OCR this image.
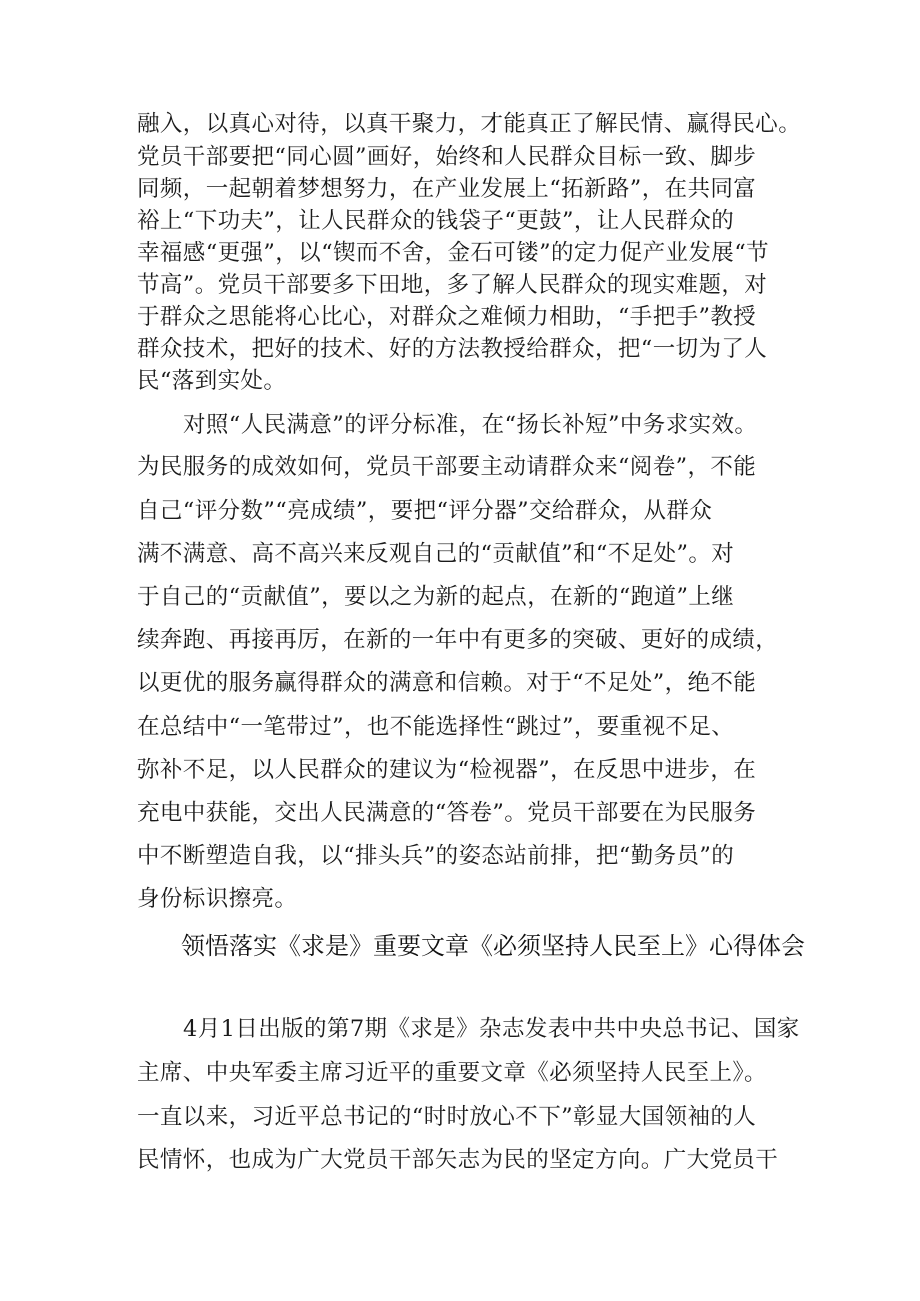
融入，以真心对待，以真干聚力，才能真正了解民情、赢得民心。
党员干部要把“同心圆”画好，始终和人民群众目标一致、脚步
同频，一起朝着梦想努力，在产业发展上“拓新路”，在共同富
裕上“下功夫”，让人民群众的钱袋子“更鼓”，让人民群众的
幸福感“更强”，以“锲而不舍，金石可镂”的定力促产业发展“节
节高”。党员干部要多下田地，多了解人民群众的现实难题，对
于群众之思能将心比心，对群众之难倾力相助，“手把手”教授
群众技术，把好的技术、好的方法教授给群众，把“一切为了人
民“落到实处。
对照“人民满意”的评分标准，在“扬长补短”中务求实效。
为民服务的成效如何，党员干部要主动请群众来“阅卷”，不能
自己“评分数”“亮成绩”，要把“评分器”交给群众，从群众
满不满意、高不高兴来反观自己的“贡献值”和“不足处”。对
于自己的“贡献值”，要以之为新的起点，在新的“跑道”上继
续奔跑、再接再厉，在新的一年中有更多的突破、更好的成绩，
以更优的服务赢得群众的满意和信赖。对于“不足处”，绝不能
在总结中“一笔带过”，也不能选择性“跳过”，要重视不足、
弥补不足，以人民群众的建议为“检视器”，在反思中进步，在
充电中获能，交出人民满意的“答卷”。党员干部要在为民服务
中不断塑造自我，以“排头兵”的姿态站前排，把“勤务员”的
身份标识擦亮。
领悟落实《求是》重要文章《必须坚持人民至上》心得体会
4月1日出版的第7期《求是》杂志发表中共中央总书记、国家
主席、中央军委主席习近平的重要文章《必须坚持人民至上》。
一直以来，习近平总书记的“时时放心不下”彰显大国领袖的人
民情怀，也成为广大党员干部矢志为民的坚定方向。广大党员干
